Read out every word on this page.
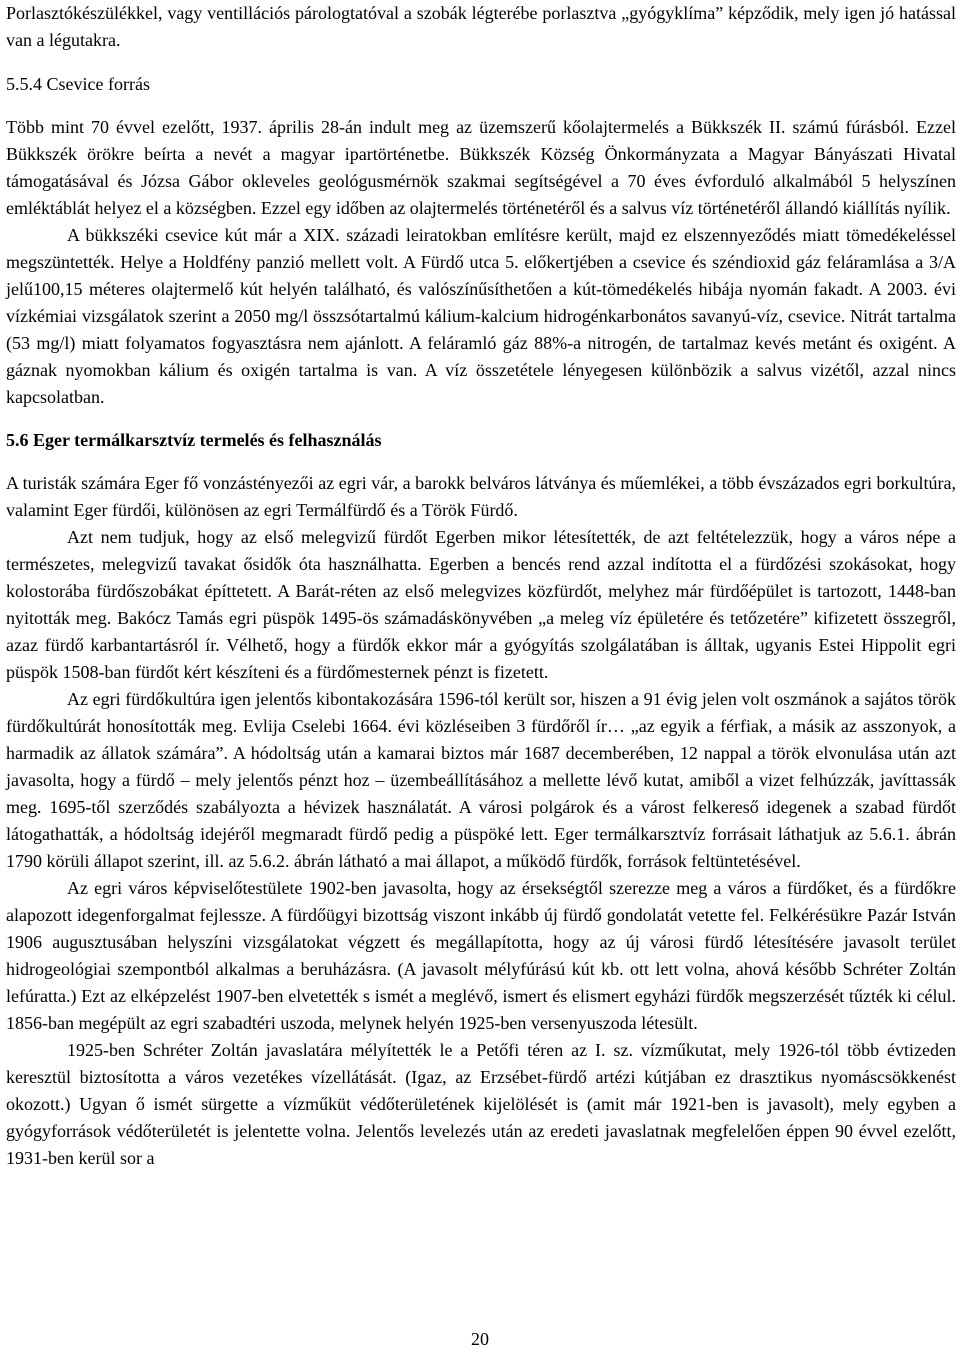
Porlasztókészülékkel, vagy ventillációs párologtatóval a szobák légterébe porlasztva „gyógyklíma” képződik, mely igen jó hatással van a légutakra.

5.5.4 Csevice forrás

Több mint 70 évvel ezelőtt, 1937. április 28-án indult meg az üzemszerű kőolajtermelés a Bükkszék II. számú fúrásból. Ezzel Bükkszék örökre beírta a nevét a magyar ipartörténetbe. Bükkszék Község Önkormányzata a Magyar Bányászati Hivatal támogatásával és Józsa Gábor okleveles geológusmérnök szakmai segítségével a 70 éves évforduló alkalmából 5 helyszínen emléktáblát helyez el a községben. Ezzel egy időben az olajtermelés történetéről és a salvus víz történetéről állandó kiállítás nyílik.

A bükkszéki csevice kút már a XIX. századi leiratokban említésre került, majd ez elszennyeződés miatt tömedékeléssel megszüntették. Helye a Holdfény panzió mellett volt. A Fürdő utca 5. előkertjében a csevice és széndioxid gáz feláramlása a 3/A jelű100,15 méteres olajtermelő kút helyén található, és valószínűsíthetően a kút-tömedékelés hibája nyomán fakadt. A 2003. évi vízkémiai vizsgálatok szerint a 2050 mg/l összsótartalmú kálium-kalcium hidrogénkarbonátos savanyú-víz, csevice. Nitrát tartalma (53 mg/l) miatt folyamatos fogyasztásra nem ajánlott. A feláramló gáz 88%-a nitrogén, de tartalmaz kevés metánt és oxigént. A gáznak nyomokban kálium és oxigén tartalma is van. A víz összetétele lényegesen különbözik a salvus vizétől, azzal nincs kapcsolatban.

5.6 Eger termálkarsztvíz termelés és felhasználás

A turisták számára Eger fő vonzástényezői az egri vár, a barokk belváros látványa és műemlékei, a több évszázados egri borkultúra, valamint Eger fürdői, különösen az egri Termálfürdő és a Török Fürdő.

Azt nem tudjuk, hogy az első melegvizű fürdőt Egerben mikor létesítették, de azt feltételezzük, hogy a város népe a természetes, melegvizű tavakat ősidők óta használhatta. Egerben a bencés rend azzal indította el a fürdőzési szokásokat, hogy kolostorába fürdőszobákat építtetett. A Barát-réten az első melegvizes közfürdőt, melyhez már fürdőépület is tartozott, 1448-ban nyitották meg. Bakócz Tamás egri püspök 1495-ös számadáskönyvében „a meleg víz épületére és tetőzetére” kifizetett összegről, azaz fürdő karbantartásról ír. Vélhető, hogy a fürdők ekkor már a gyógyítás szolgálatában is álltak, ugyanis Estei Hippolit egri püspök 1508-ban fürdőt kért készíteni és a fürdőmesternek pénzt is fizetett.

Az egri fürdőkultúra igen jelentős kibontakozására 1596-tól került sor, hiszen a 91 évig jelen volt oszmánok a sajátos török fürdőkultúrát honosították meg. Evlija Cselebi 1664. évi közléseiben 3 fürdőről ír… „az egyik a férfiak, a másik az asszonyok, a harmadik az állatok számára”. A hódoltság után a kamarai biztos már 1687 decemberében, 12 nappal a török elvonulása után azt javasolta, hogy a fürdő – mely jelentős pénzt hoz – üzembeállításához a mellette lévő kutat, amiből a vizet felhúzzák, javíttassák meg. 1695-től szerződés szabályozta a hévizek használatát. A városi polgárok és a várost felkereső idegenek a szabad fürdőt látogathatták, a hódoltság idejéről megmaradt fürdő pedig a püspöké lett. Eger termálkarsztvíz forrásait láthatjuk az 5.6.1. ábrán 1790 körüli állapot szerint, ill. az 5.6.2. ábrán látható a mai állapot, a működő fürdők, források feltüntetésével.

Az egri város képviselőtestülete 1902-ben javasolta, hogy az érsekségtől szerezze meg a város a fürdőket, és a fürdőkre alapozott idegenforgalmat fejlessze. A fürdőügyi bizottság viszont inkább új fürdő gondolatát vetette fel. Felkérésükre Pazár István 1906 augusztusában helyszíni vizsgálatokat végzett és megállapította, hogy az új városi fürdő létesítésére javasolt terület hidrogeológiai szempontból alkalmas a beruházásra. (A javasolt mélyfúrású kút kb. ott lett volna, ahová később Schréter Zoltán lefúratta.) Ezt az elképzelést 1907-ben elvetették s ismét a meglévő, ismert és elismert egyházi fürdők megszerzését tűzték ki célul. 1856-ban megépült az egri szabadtéri uszoda, melynek helyén 1925-ben versenyuszoda létesült.

1925-ben Schréter Zoltán javaslatára mélyítették le a Petőfi téren az I. sz. vízműkutat, mely 1926-tól több évtizeden keresztül biztosította a város vezetékes vízellátását. (Igaz, az Erzsébet-fürdő artézi kútjában ez drasztikus nyomáscsökkenést okozott.) Ugyan ő ismét sürgette a vízműküt védőterületének kijelölését is (amit már 1921-ben is javasolt), mely egyben a gyógyforrások védőterületét is jelentette volna. Jelentős levelezés után az eredeti javaslatnak megfelelően éppen 90 évvel ezelőtt, 1931-ben kerül sor a

20
